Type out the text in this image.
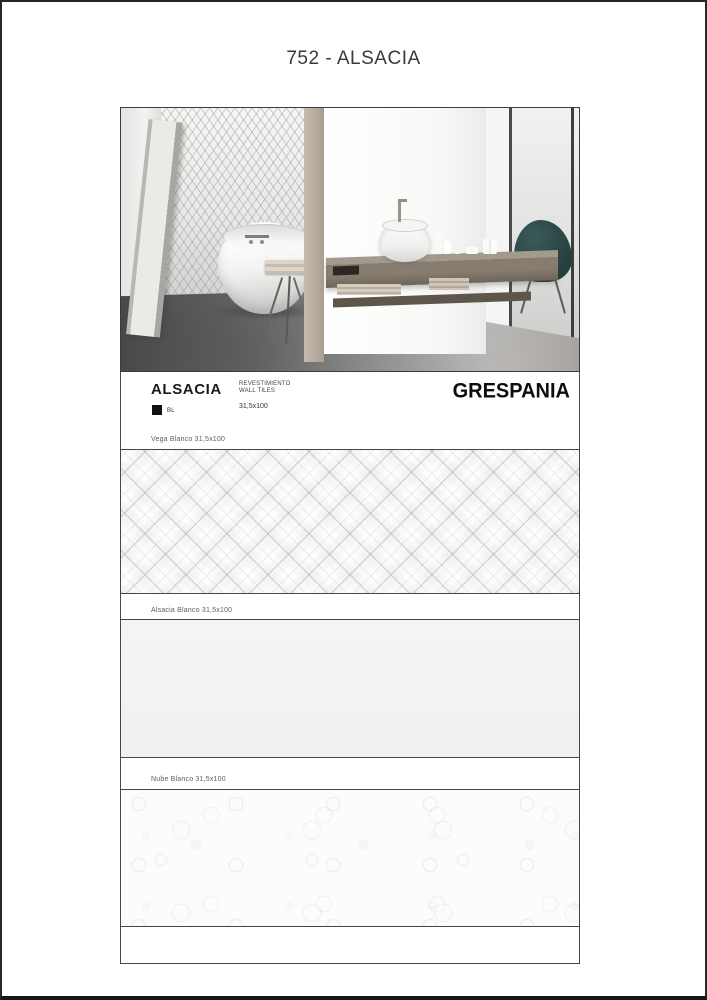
752 - ALSACIA
ALSACIA
BL
REVESTIMIENTO
WALL TILES
31,5x100
GRESPANIA
Vega Blanco 31,5x100
Alsacia Blanco 31,5x100
Nube Blanco 31,5x100
